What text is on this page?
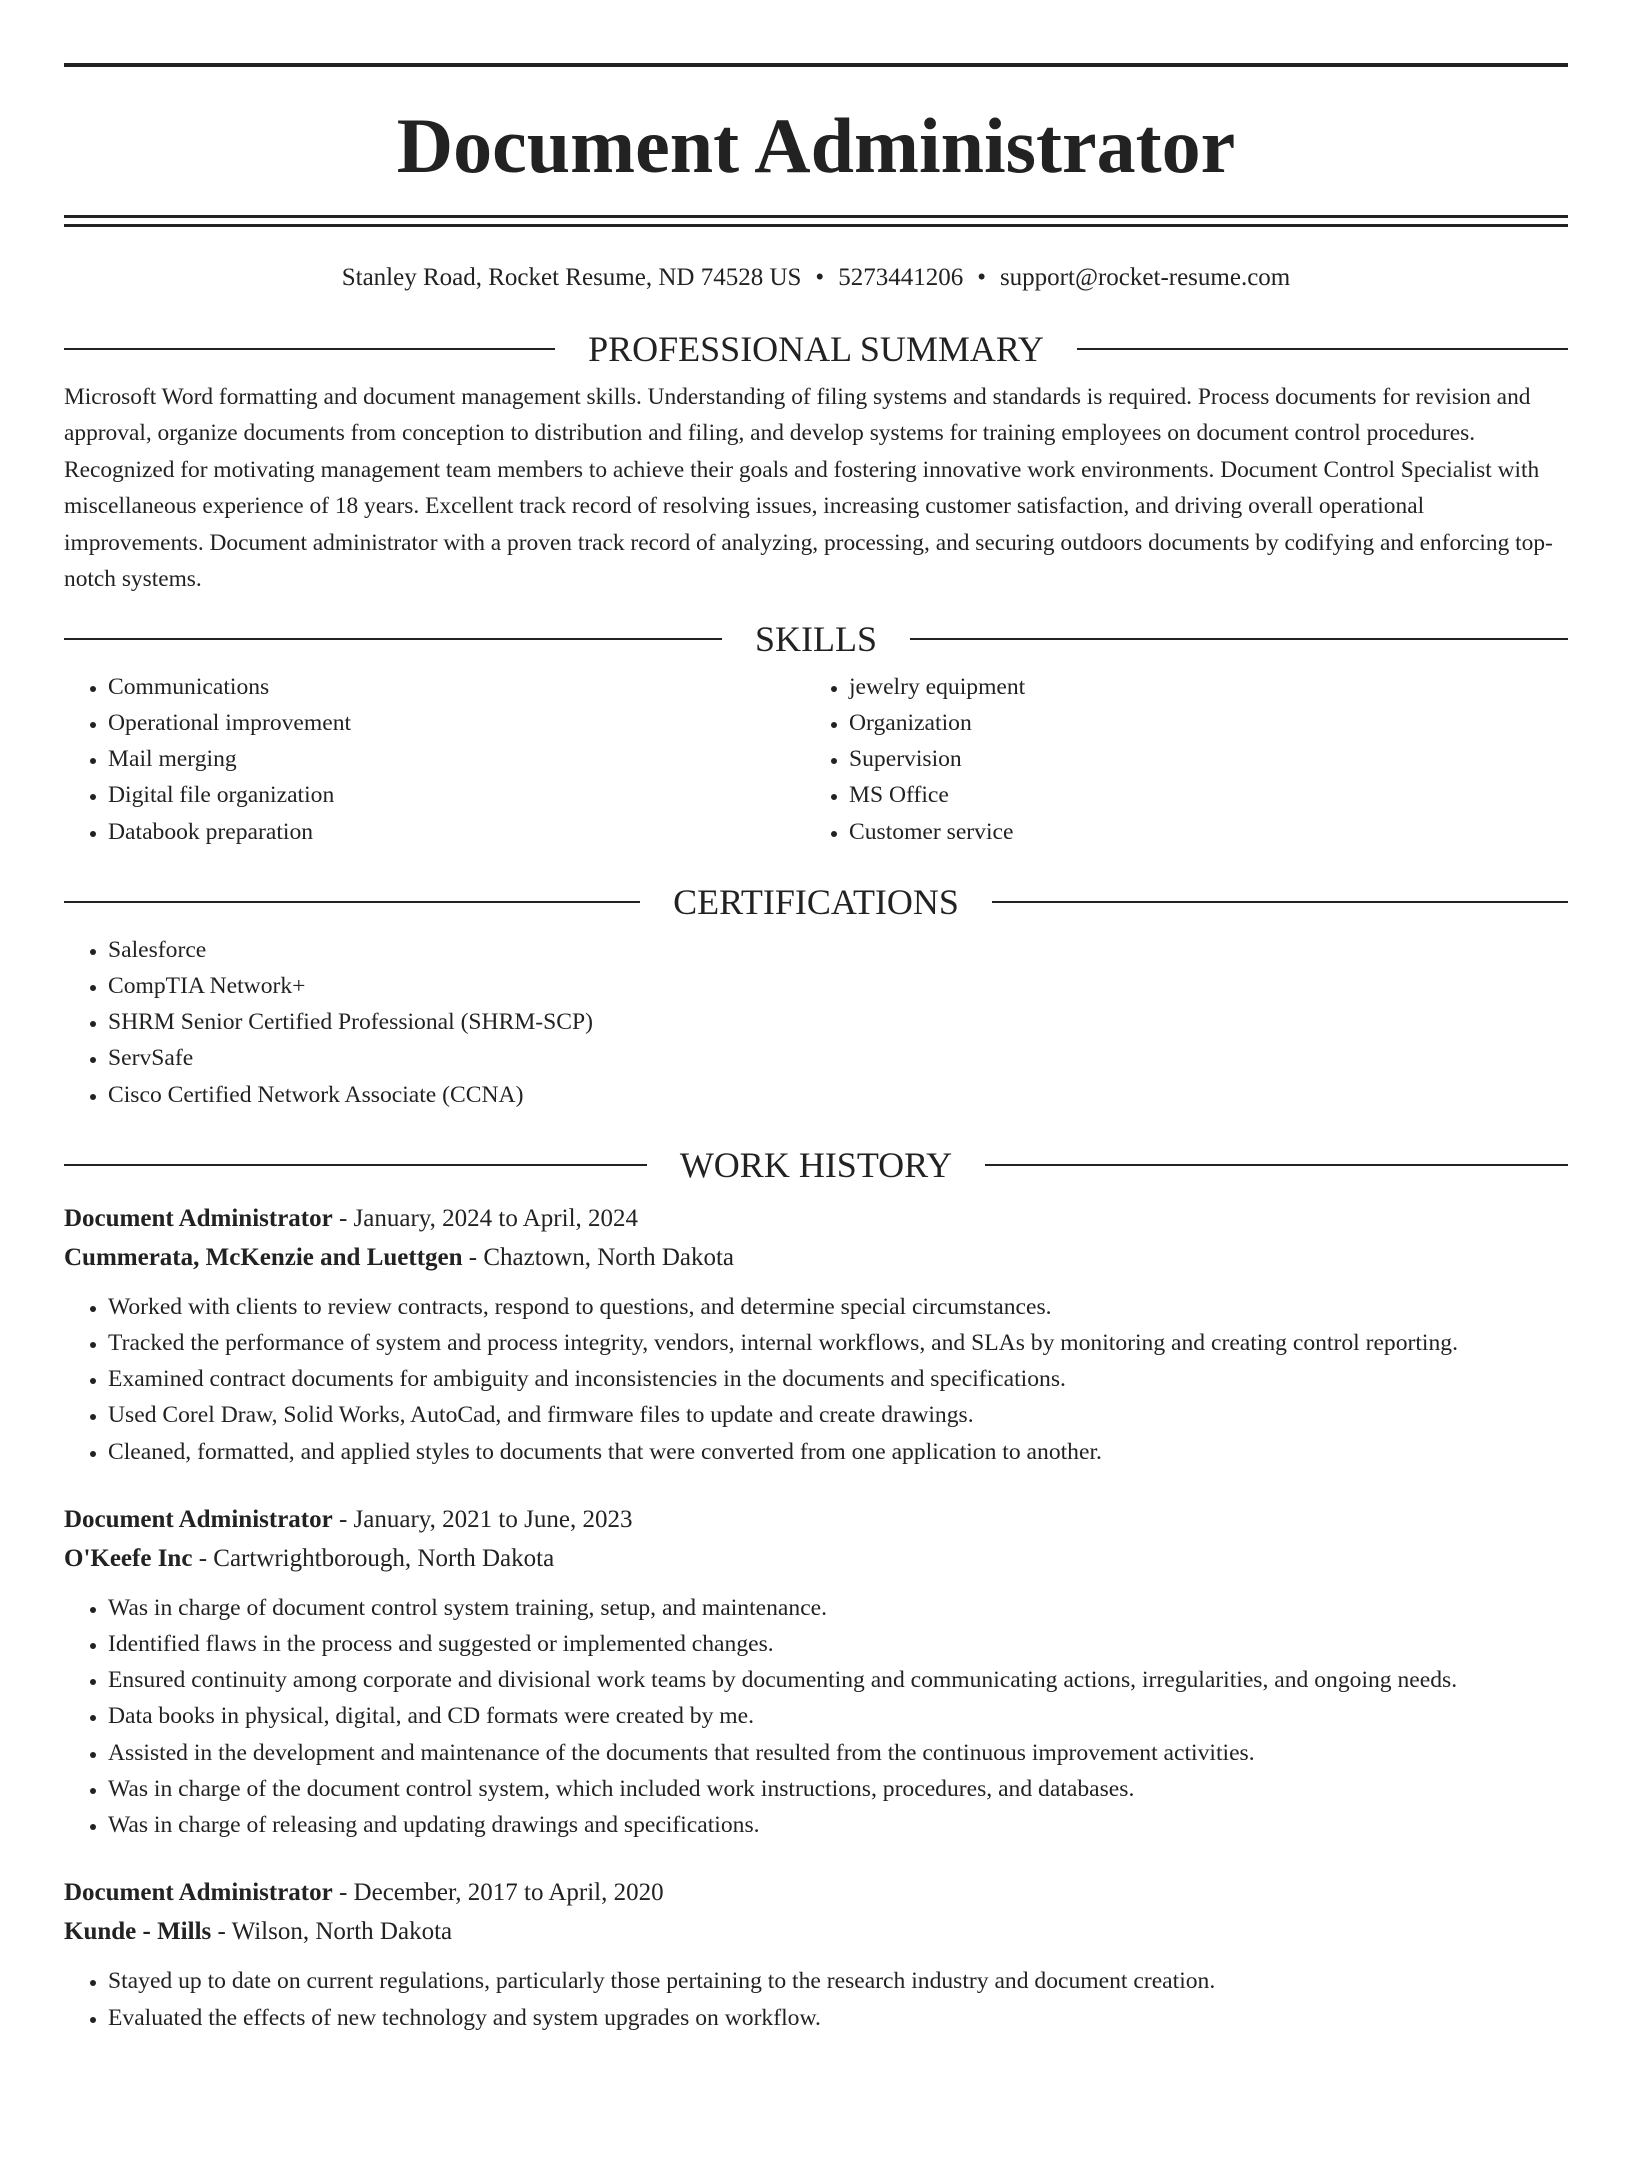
Document Administrator
Stanley Road, Rocket Resume, ND 74528 US • 5273441206 • support@rocket-resume.com
PROFESSIONAL SUMMARY

Microsoft Word formatting and document management skills. Understanding of filing systems and standards is required. Process documents for revision and approval, organize documents from conception to distribution and filing, and develop systems for training employees on document control procedures. Recognized for motivating management team members to achieve their goals and fostering innovative work environments. Document Control Specialist with miscellaneous experience of 18 years. Excellent track record of resolving issues, increasing customer satisfaction, and driving overall operational improvements. Document administrator with a proven track record of analyzing, processing, and securing outdoors documents by codifying and enforcing top-notch systems.

SKILLS
• Communications
• Operational improvement
• Mail merging
• Digital file organization
• Databook preparation
• jewelry equipment
• Organization
• Supervision
• MS Office
• Customer service
CERTIFICATIONS
• Salesforce
• CompTIA Network+
• SHRM Senior Certified Professional (SHRM-SCP)
• ServSafe
• Cisco Certified Network Associate (CCNA)
WORK HISTORY
Document Administrator - January, 2024 to April, 2024
Cummerata, McKenzie and Luettgen - Chaztown, North Dakota
• Worked with clients to review contracts, respond to questions, and determine special circumstances.
• Tracked the performance of system and process integrity, vendors, internal workflows, and SLAs by monitoring and creating control reporting.
• Examined contract documents for ambiguity and inconsistencies in the documents and specifications.
• Used Corel Draw, Solid Works, AutoCad, and firmware files to update and create drawings.
• Cleaned, formatted, and applied styles to documents that were converted from one application to another.
Document Administrator - January, 2021 to June, 2023
O'Keefe Inc - Cartwrightborough, North Dakota
• Was in charge of document control system training, setup, and maintenance.
• Identified flaws in the process and suggested or implemented changes.
• Ensured continuity among corporate and divisional work teams by documenting and communicating actions, irregularities, and ongoing needs.
• Data books in physical, digital, and CD formats were created by me.
• Assisted in the development and maintenance of the documents that resulted from the continuous improvement activities.
• Was in charge of the document control system, which included work instructions, procedures, and databases.
• Was in charge of releasing and updating drawings and specifications.
Document Administrator - December, 2017 to April, 2020
Kunde - Mills - Wilson, North Dakota
• Stayed up to date on current regulations, particularly those pertaining to the research industry and document creation.
• Evaluated the effects of new technology and system upgrades on workflow.
